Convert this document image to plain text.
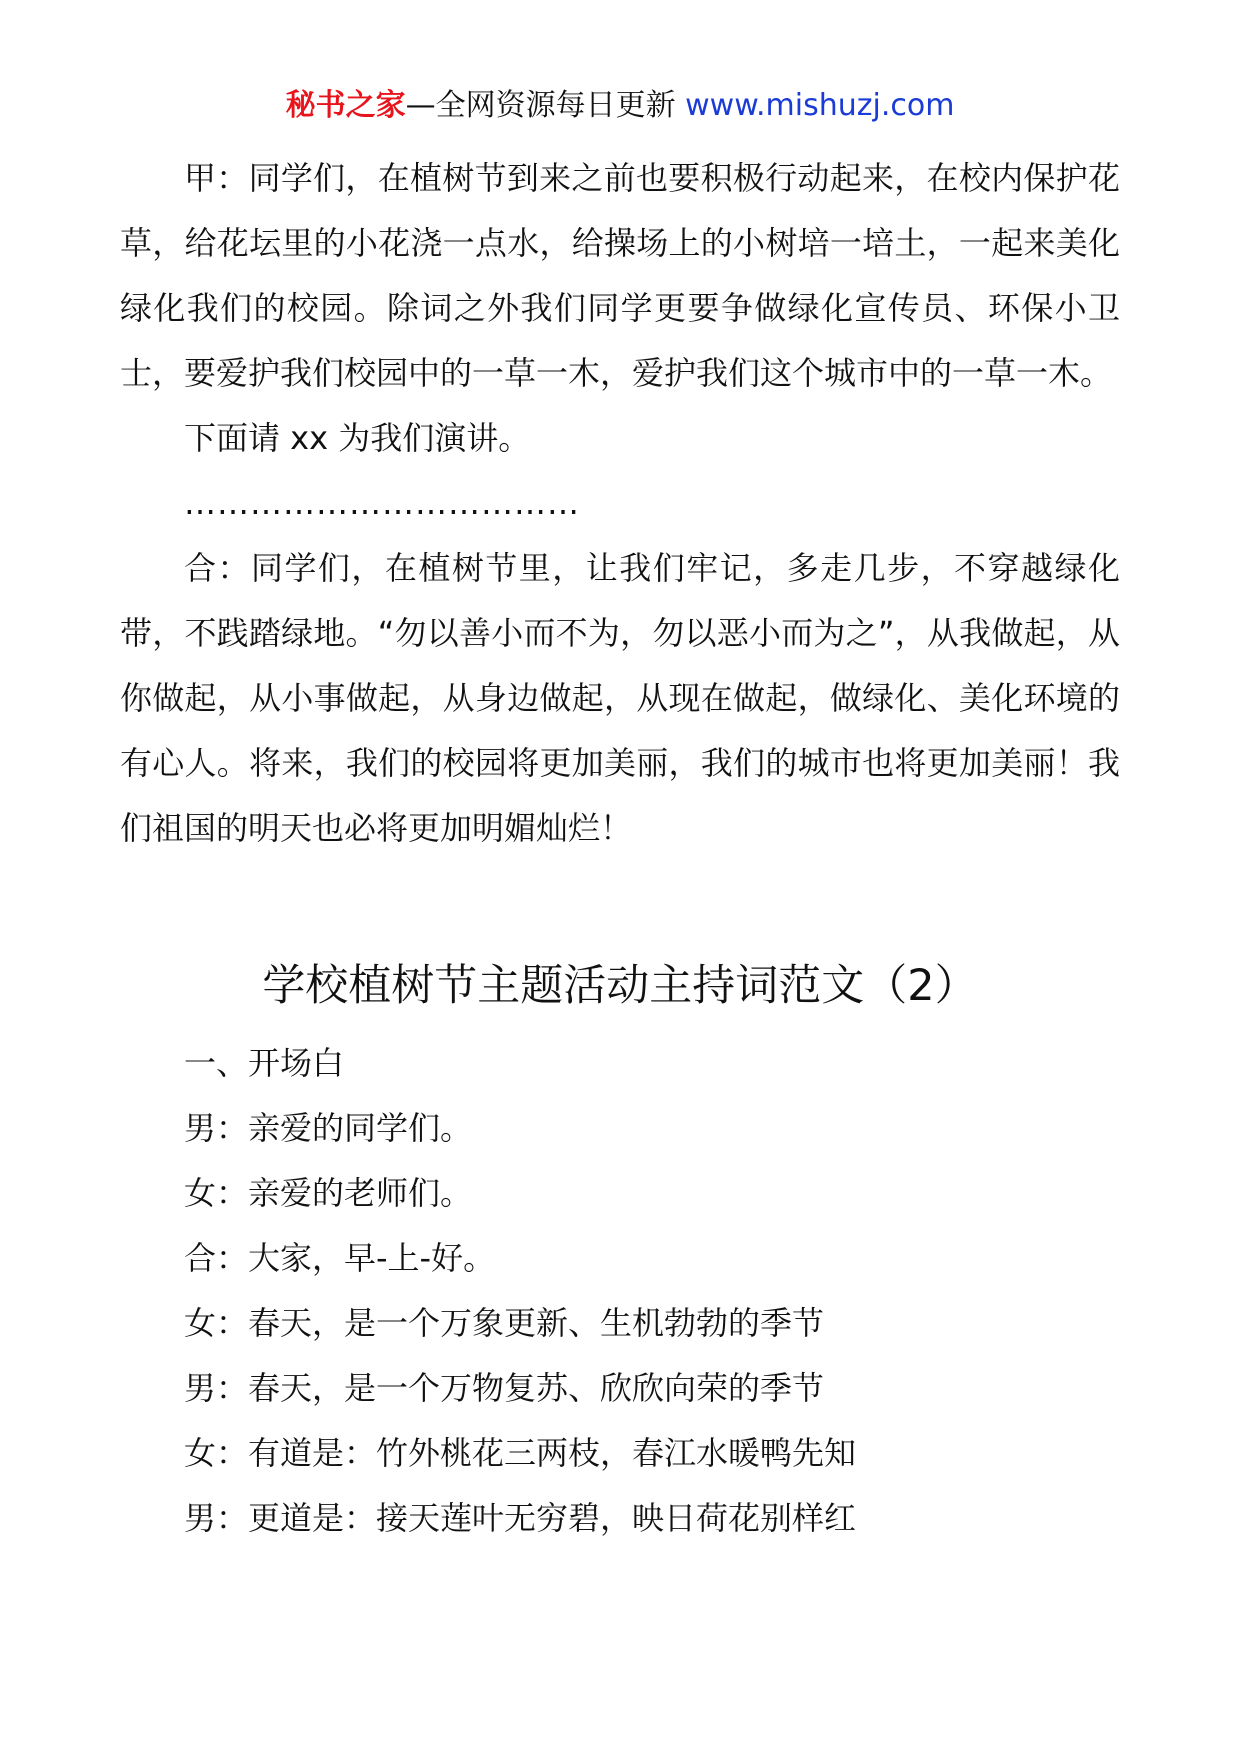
秘书之家—全网资源每日更新 www.mishuzj.com

甲：同学们，在植树节到来之前也要积极行动起来，在校内保护花草，给花坛里的小花浇一点水，给操场上的小树培一培土，一起来美化绿化我们的校园。除词之外我们同学更要争做绿化宣传员、环保小卫士，要爱护我们校园中的一草一木，爱护我们这个城市中的一草一木。

下面请 xx 为我们演讲。

………………………………

合：同学们，在植树节里，让我们牢记，多走几步，不穿越绿化带，不践踏绿地。“勿以善小而不为，勿以恶小而为之”，从我做起，从你做起，从小事做起，从身边做起，从现在做起，做绿化、美化环境的有心人。将来，我们的校园将更加美丽，我们的城市也将更加美丽！我们祖国的明天也必将更加明媚灿烂！

学校植树节主题活动主持词范文（2）

一、开场白

男：亲爱的同学们。

女：亲爱的老师们。

合：大家，早-上-好。

女：春天，是一个万象更新、生机勃勃的季节

男：春天，是一个万物复苏、欣欣向荣的季节

女：有道是：竹外桃花三两枝，春江水暖鸭先知

男：更道是：接天莲叶无穷碧，映日荷花别样红
